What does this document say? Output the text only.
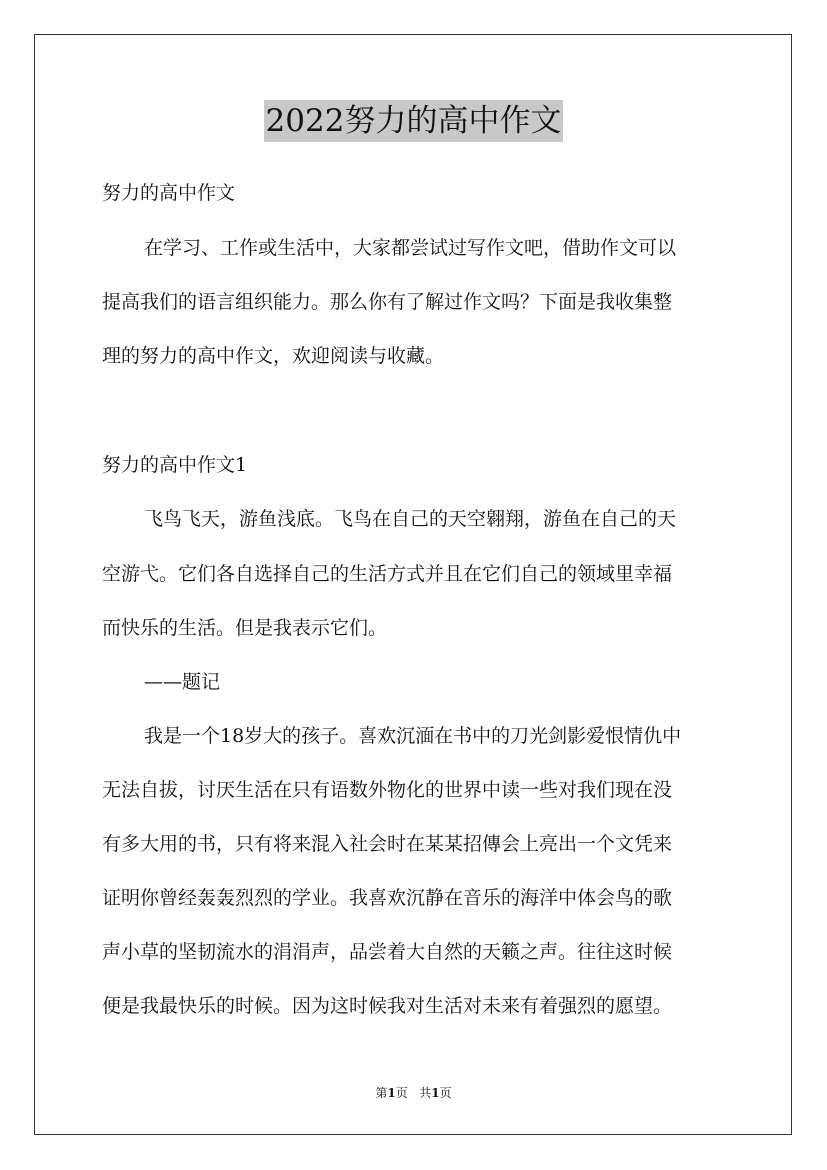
2022努力的高中作文
努力的高中作文
在学习、工作或生活中，大家都尝试过写作文吧，借助作文可以
提高我们的语言组织能力。那么你有了解过作文吗？下面是我收集整
理的努力的高中作文，欢迎阅读与收藏。
努力的高中作文1
飞鸟飞天，游鱼浅底。飞鸟在自己的天空翱翔，游鱼在自己的天
空游弋。它们各自选择自己的生活方式并且在它们自己的领域里幸福
而快乐的生活。但是我表示它们。
——题记
我是一个18岁大的孩子。喜欢沉湎在书中的刀光剑影爱恨情仇中
无法自拔，讨厌生活在只有语数外物化的世界中读一些对我们现在没
有多大用的书，只有将来混入社会时在某某招傳会上亮出一个文凭来
证明你曾经轰轰烈烈的学业。我喜欢沉静在音乐的海洋中体会鸟的歌
声小草的坚韧流水的涓涓声，品尝着大自然的天籁之声。往往这时候
便是我最快乐的时候。因为这时候我对生活对未来有着强烈的愿望。
第1页 共1页
